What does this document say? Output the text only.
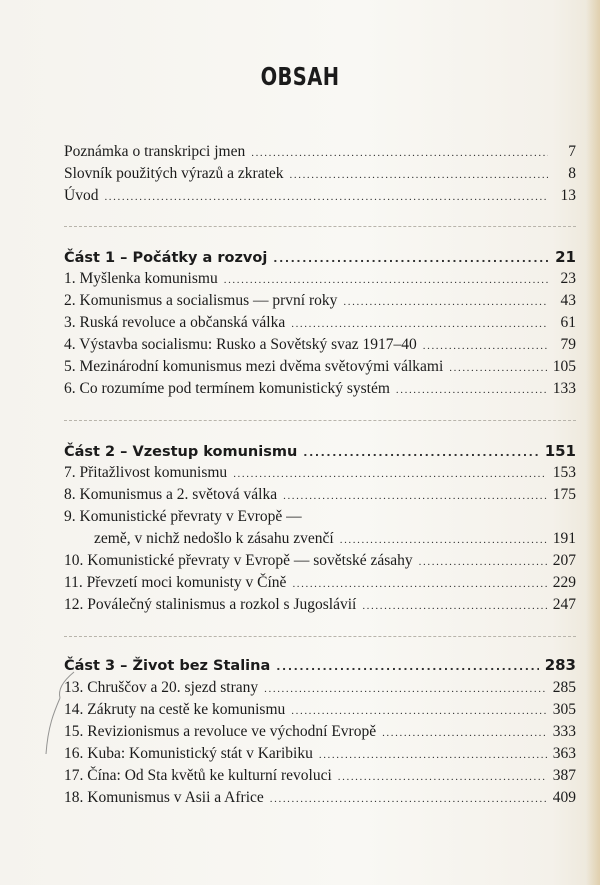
OBSAH
Poznámka o transkripci jmen .....	7
Slovník použitých výrazů a zkratek .....	8
Úvod .....	13
Část 1 – Počátky a rozvoj .....	21
1. Myšlenka komunismu .....	23
2. Komunismus a socialismus — první roky .....	43
3. Ruská revoluce a občanská válka .....	61
4. Výstavba socialismu: Rusko a Sovětský svaz 1917–40 .....	79
5. Mezinárodní komunismus mezi dvěma světovými válkami .....	105
6. Co rozumíme pod termínem komunistický systém .....	133
Část 2 – Vzestup komunismu .....	151
7. Přitažlivost komunismu .....	153
8. Komunismus a 2. světová válka .....	175
9. Komunistické převraty v Evropě —
země, v nichž nedošlo k zásahu zvenčí .....	191
10. Komunistické převraty v Evropě — sovětské zásahy .....	207
11. Převzetí moci komunisty v Číně .....	229
12. Poválečný stalinismus a rozkol s Jugoslávií .....	247
Část 3 – Život bez Stalina .....	283
13. Chruščov a 20. sjezd strany .....	285
14. Zákruty na cestě ke komunismu .....	305
15. Revizionismus a revoluce ve východní Evropě .....	333
16. Kuba: Komunistický stát v Karibiku .....	363
17. Čína: Od Sta květů ke kulturní revoluci .....	387
18. Komunismus v Asii a Africe .....	409
